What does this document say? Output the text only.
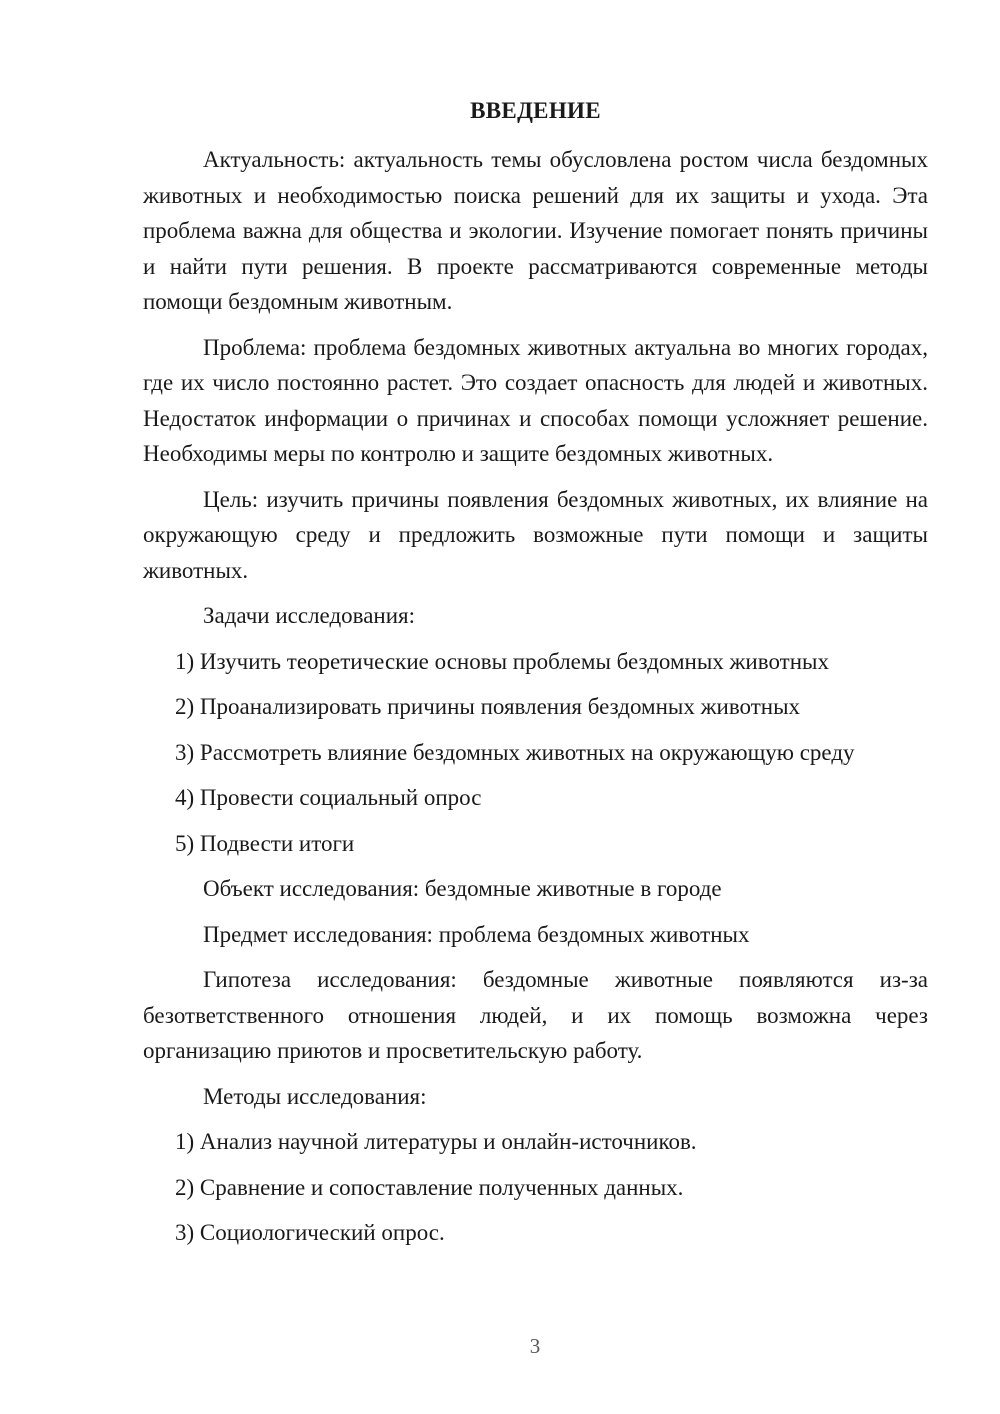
ВВЕДЕНИЕ

Актуальность: актуальность темы обусловлена ростом числа бездомных животных и необходимостью поиска решений для их защиты и ухода. Эта проблема важна для общества и экологии. Изучение помогает понять причины и найти пути решения. В проекте рассматриваются современные методы помощи бездомным животным.

Проблема: проблема бездомных животных актуальна во многих городах, где их число постоянно растет. Это создает опасность для людей и животных. Недостаток информации о причинах и способах помощи усложняет решение. Необходимы меры по контролю и защите бездомных животных.

Цель: изучить причины появления бездомных животных, их влияние на окружающую среду и предложить возможные пути помощи и защиты животных.

Задачи исследования:

1) Изучить теоретические основы проблемы бездомных животных

2) Проанализировать причины появления бездомных животных

3) Рассмотреть влияние бездомных животных на окружающую среду

4) Провести социальный опрос

5) Подвести итоги

Объект исследования: бездомные животные в городе

Предмет исследования: проблема бездомных животных

Гипотеза исследования: бездомные животные появляются из-за безответственного отношения людей, и их помощь возможна через организацию приютов и просветительскую работу.

Методы исследования:

1) Анализ научной литературы и онлайн-источников.

2) Сравнение и сопоставление полученных данных.

3) Социологический опрос.

3
